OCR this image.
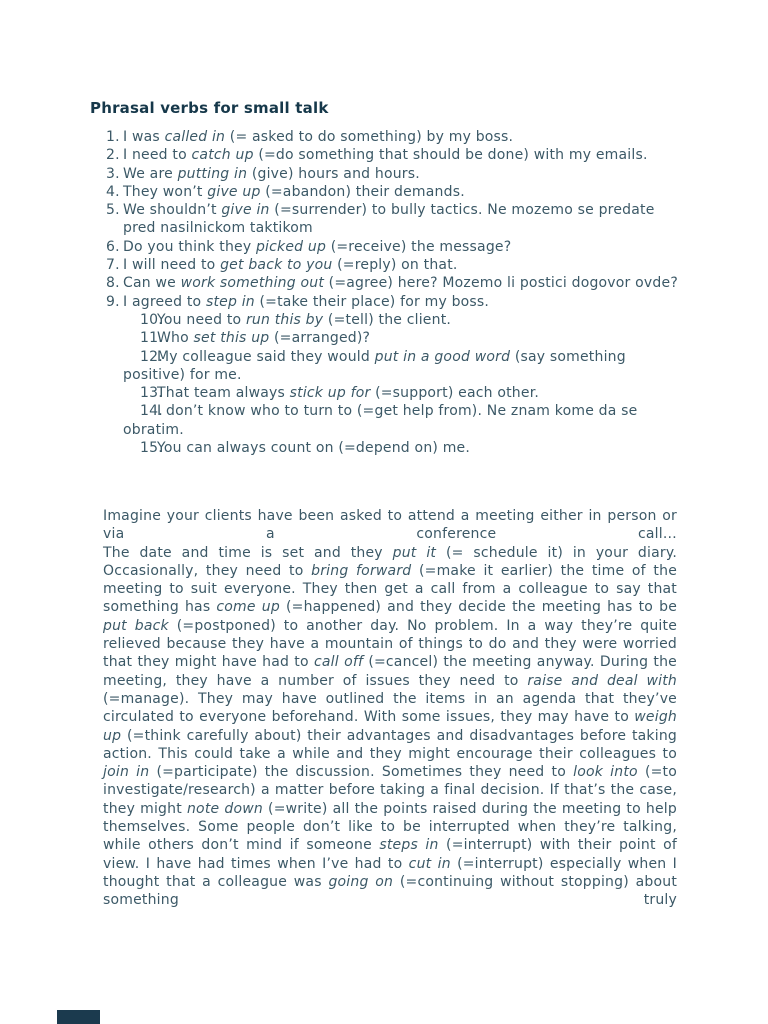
Phrasal verbs for small talk
1. I was called in (= asked to do something) by my boss.
2. I need to catch up (=do something that should be done) with my emails.
3. We are putting in (give) hours and hours.
4. They won’t give up (=abandon) their demands.
5. We shouldn’t give in (=surrender) to bully tactics. Ne mozemo se predate pred nasilnickom taktikom
6. Do you think they picked up (=receive) the message?
7. I will need to get back to you (=reply) on that.
8. Can we work something out (=agree) here? Mozemo li postici dogovor ovde?
9. I agreed to step in (=take their place) for my boss.
10.
You need to run this by (=tell) the client.
11.
Who set this up (=arranged)?
12.
My colleague said they would put in a good word (say something positive) for me.
13.
That team always stick up for (=support) each other.
14.
I don’t know who to turn to (=get help from). Ne znam kome da se obratim.
15.
You can always count on (=depend on) me.
Imagine your clients have been asked to attend a meeting either in person or via a conference call…
The date and time is set and they put it (= schedule it) in your diary. Occasionally, they need to bring forward (=make it earlier) the time of the meeting to suit everyone. They then get a call from a colleague to say that something has come up (=happened) and they decide the meeting has to be put back (=postponed) to another day. No problem. In a way they’re quite relieved because they have a mountain of things to do and they were worried that they might have had to call off (=cancel) the meeting anyway. During the meeting, they have a number of issues they need to raise and deal with (=manage). They may have outlined the items in an agenda that they’ve circulated to everyone beforehand. With some issues, they may have to weigh up (=think carefully about) their advantages and disadvantages before taking action. This could take a while and they might encourage their colleagues to join in (=participate) the discussion. Sometimes they need to look into (=to investigate/research) a matter before taking a final decision. If that’s the case, they might note down (=write) all the points raised during the meeting to help themselves. Some people don’t like to be interrupted when they’re talking, while others don’t mind if someone steps in (=interrupt) with their point of view. I have had times when I’ve had to cut in (=interrupt) especially when I thought that a colleague was going on (=continuing without stopping) about something truly
